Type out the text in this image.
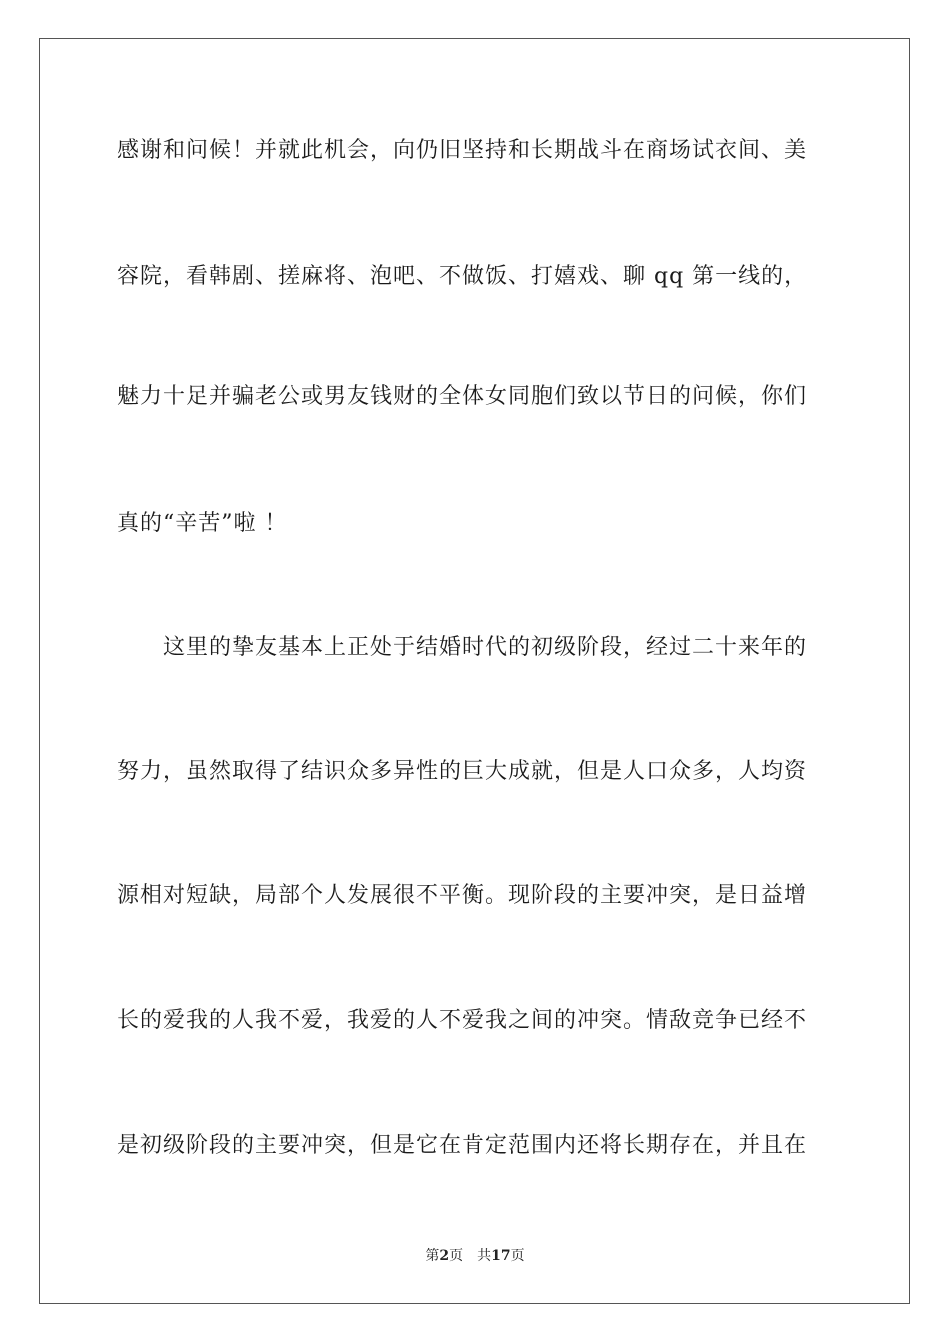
感谢和问候！并就此机会，向仍旧坚持和长期战斗在商场试衣间、美
容院，看韩剧、搓麻将、泡吧、不做饭、打嬉戏、聊 qq 第一线的，
魅力十足并骗老公或男友钱财的全体女同胞们致以节日的问候，你们
真的“辛苦”啦 ！
这里的挚友基本上正处于结婚时代的初级阶段，经过二十来年的
努力，虽然取得了结识众多异性的巨大成就，但是人口众多，人均资
源相对短缺，局部个人发展很不平衡。现阶段的主要冲突，是日益增
长的爱我的人我不爱，我爱的人不爱我之间的冲突。情敌竞争已经不
是初级阶段的主要冲突，但是它在肯定范围内还将长期存在，并且在
第2页 共17页
